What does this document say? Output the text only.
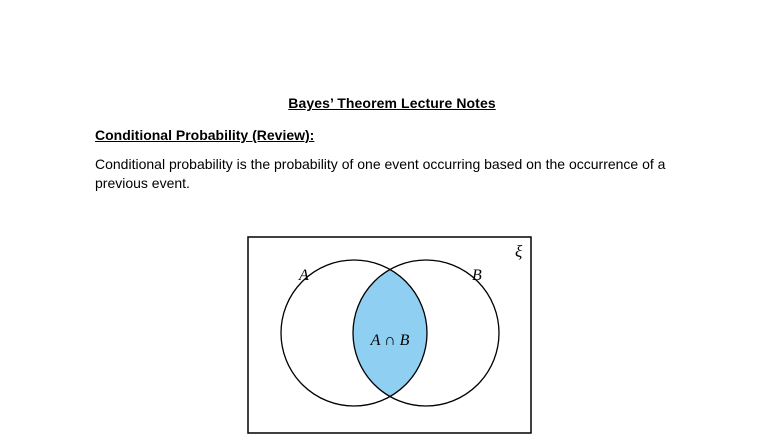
Bayes’ Theorem Lecture Notes
Conditional Probability (Review):
Conditional probability is the probability of one event occurring based on the occurrence of a previous event.
ξ
A	B
A ∩ B
